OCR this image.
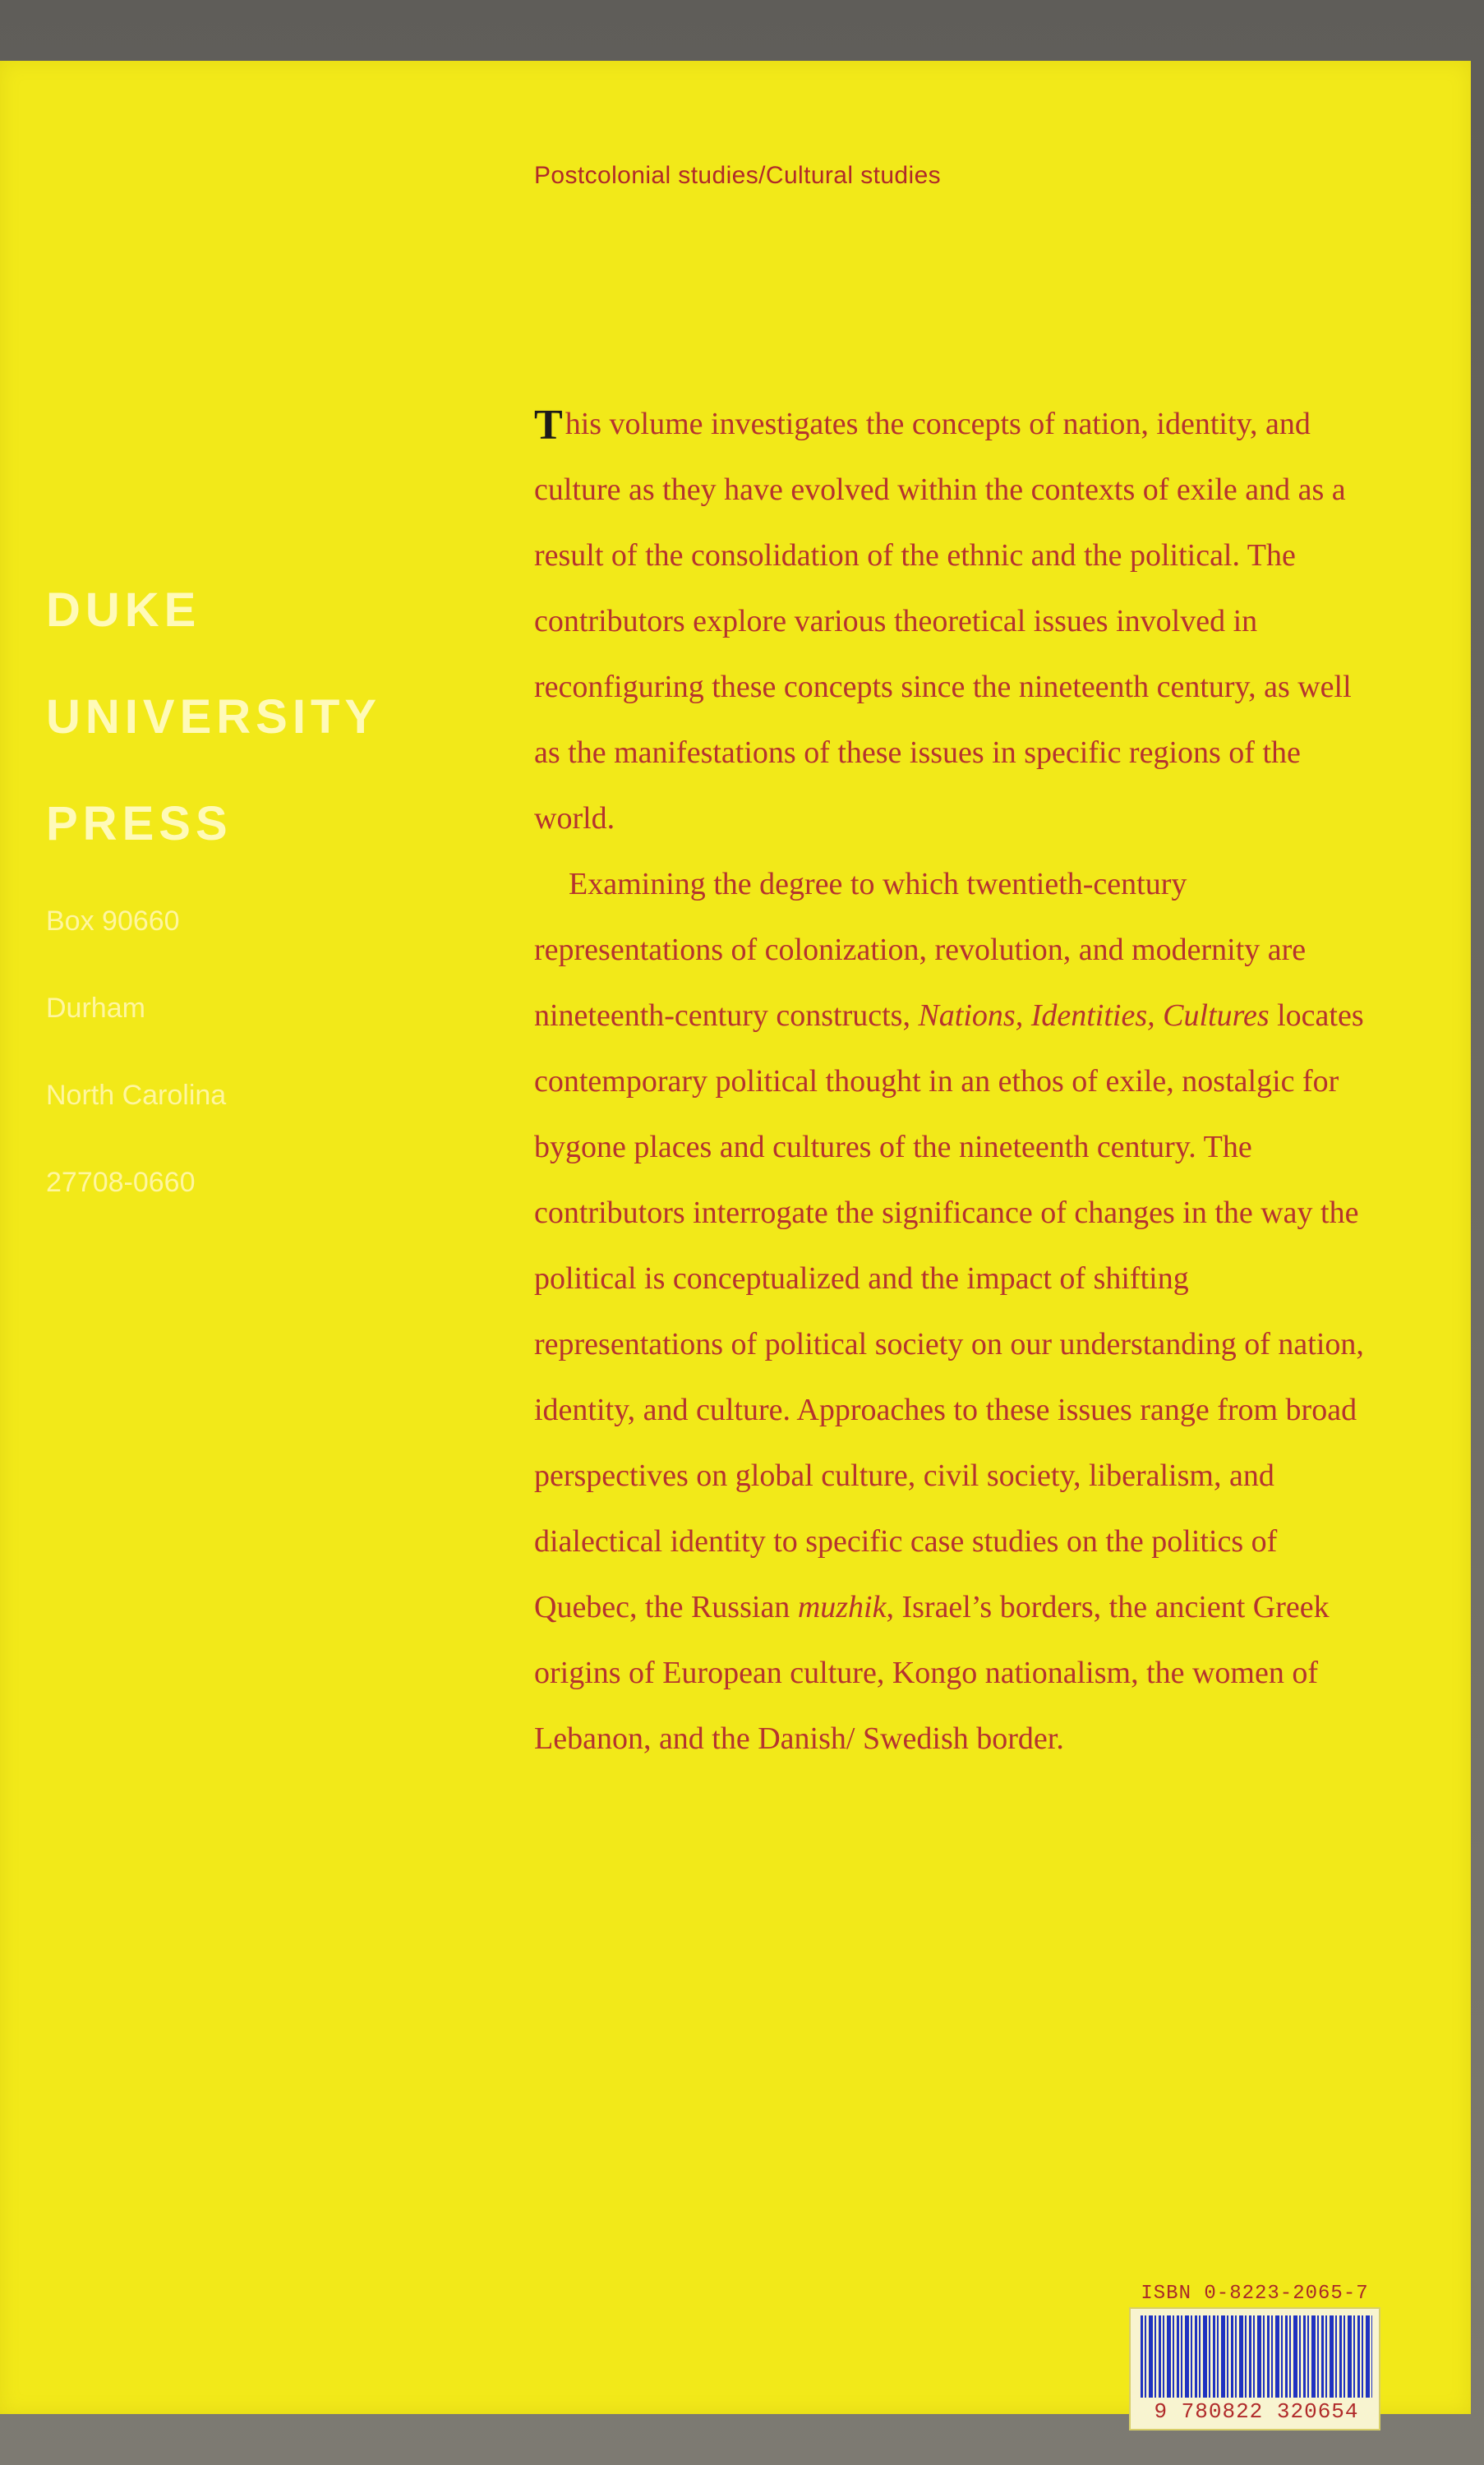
Postcolonial studies/Cultural studies
DUKE
UNIVERSITY
PRESS
Box 90660
Durham
North Carolina
27708-0660

This volume investigates the concepts of nation, identity, and culture as they have evolved within the contexts of exile and as a result of the consolidation of the ethnic and the political. The contributors explore various theoretical issues involved in reconfiguring these concepts since the nineteenth century, as well as the manifestations of these issues in specific regions of the world.

Examining the degree to which twentieth-century representations of colonization, revolution, and modernity are nineteenth-century constructs, Nations, Identities, Cultures locates contemporary political thought in an ethos of exile, nostalgic for bygone places and cultures of the nineteenth century. The contributors interrogate the significance of changes in the way the political is conceptualized and the impact of shifting representations of political society on our understanding of nation, identity, and culture. Approaches to these issues range from broad perspectives on global culture, civil society, liberalism, and dialectical identity to specific case studies on the politics of Quebec, the Russian muzhik, Israel’s borders, the ancient Greek origins of European culture, Kongo nationalism, the women of Lebanon, and the Danish/ Swedish border.

ISBN 0-8223-2065-7
9 780822 320654
